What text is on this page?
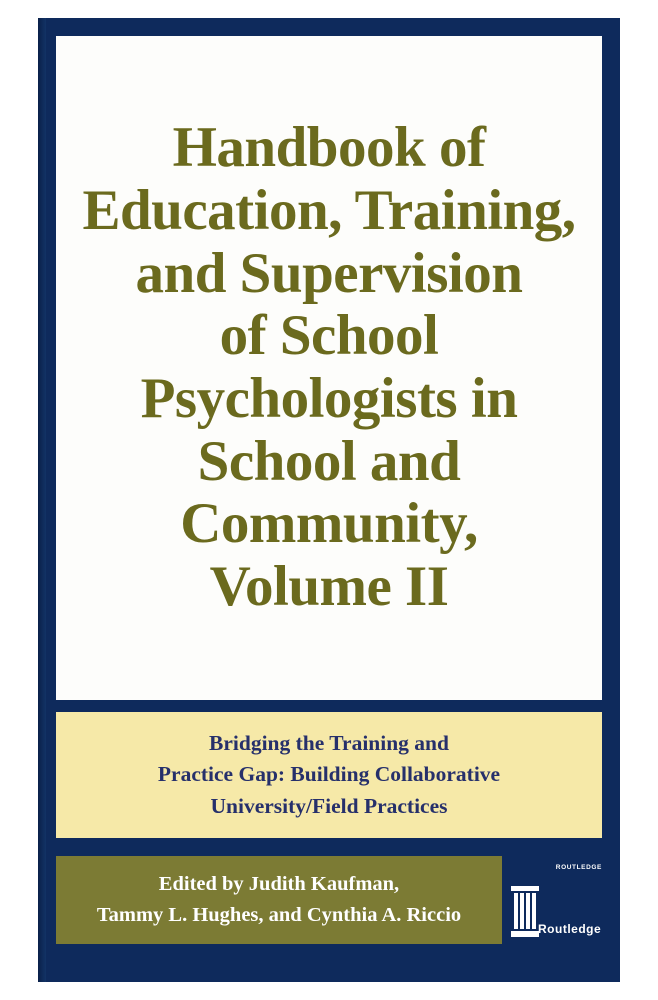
Handbook of
Education, Training,
and Supervision
of School
Psychologists in
School and
Community,
Volume II
Bridging the Training and
Practice Gap: Building Collaborative
University/Field Practices
Edited by Judith Kaufman,
Tammy L. Hughes, and Cynthia A. Riccio
ROUTLEDGE
Routledge
